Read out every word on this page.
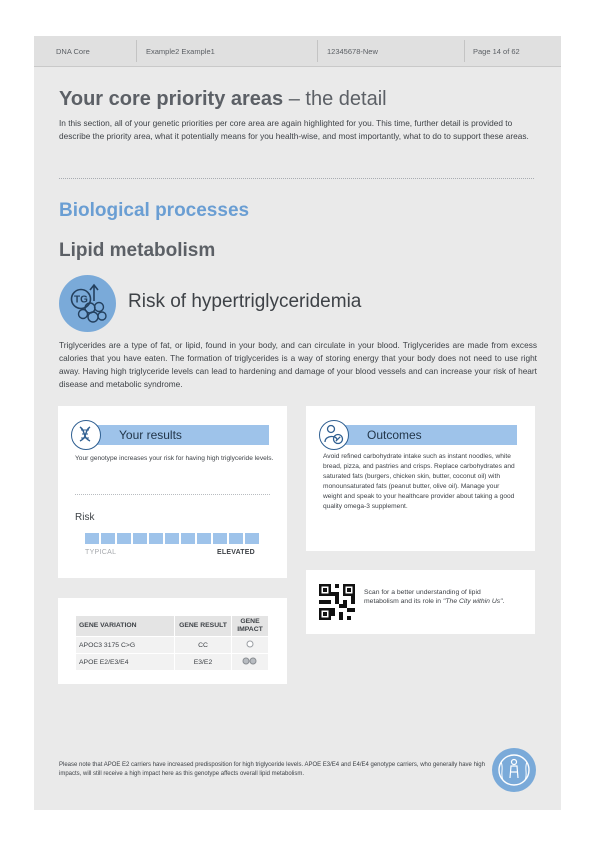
DNA Core	Example2 Example1	12345678-New	Page 14 of 62
Your core priority areas – the detail
In this section, all of your genetic priorities per core area are again highlighted for you. This time, further detail is provided to describe the priority area, what it potentially means for you health-wise, and most importantly, what to do to support these areas.
Biological processes
Lipid metabolism
TG Risk of hypertriglyceridemia
Triglycerides are a type of fat, or lipid, found in your body, and can circulate in your blood. Triglycerides are made from excess calories that you have eaten. The formation of triglycerides is a way of storing energy that your body does not need to use right away. Having high triglyceride levels can lead to hardening and damage of your blood vessels and can increase your risk of heart disease and metabolic syndrome.
Your results
Your genotype increases your risk for having high triglyceride levels.
Risk
TYPICAL	ELEVATED
Outcomes
Avoid refined carbohydrate intake such as instant noodles, white bread, pizza, and pastries and crisps. Replace carbohydrates and saturated fats (burgers, chicken skin, butter, coconut oil) with monounsaturated fats (peanut butter, olive oil). Manage your weight and speak to your healthcare provider about taking a good quality omega-3 supplement.
Scan for a better understanding of lipid metabolism and its role in "The City within Us".
GENE VARIATION	GENE RESULT	GENE IMPACT
APOC3 3175 C>G	CC	
APOE E2/E3/E4	E3/E2	
Please note that APOE E2 carriers have increased predisposition for high triglyceride levels. APOE E3/E4 and E4/E4 genotype carriers, who generally have high impacts, will still receive a high impact here as this genotype affects overall lipid metabolism.
